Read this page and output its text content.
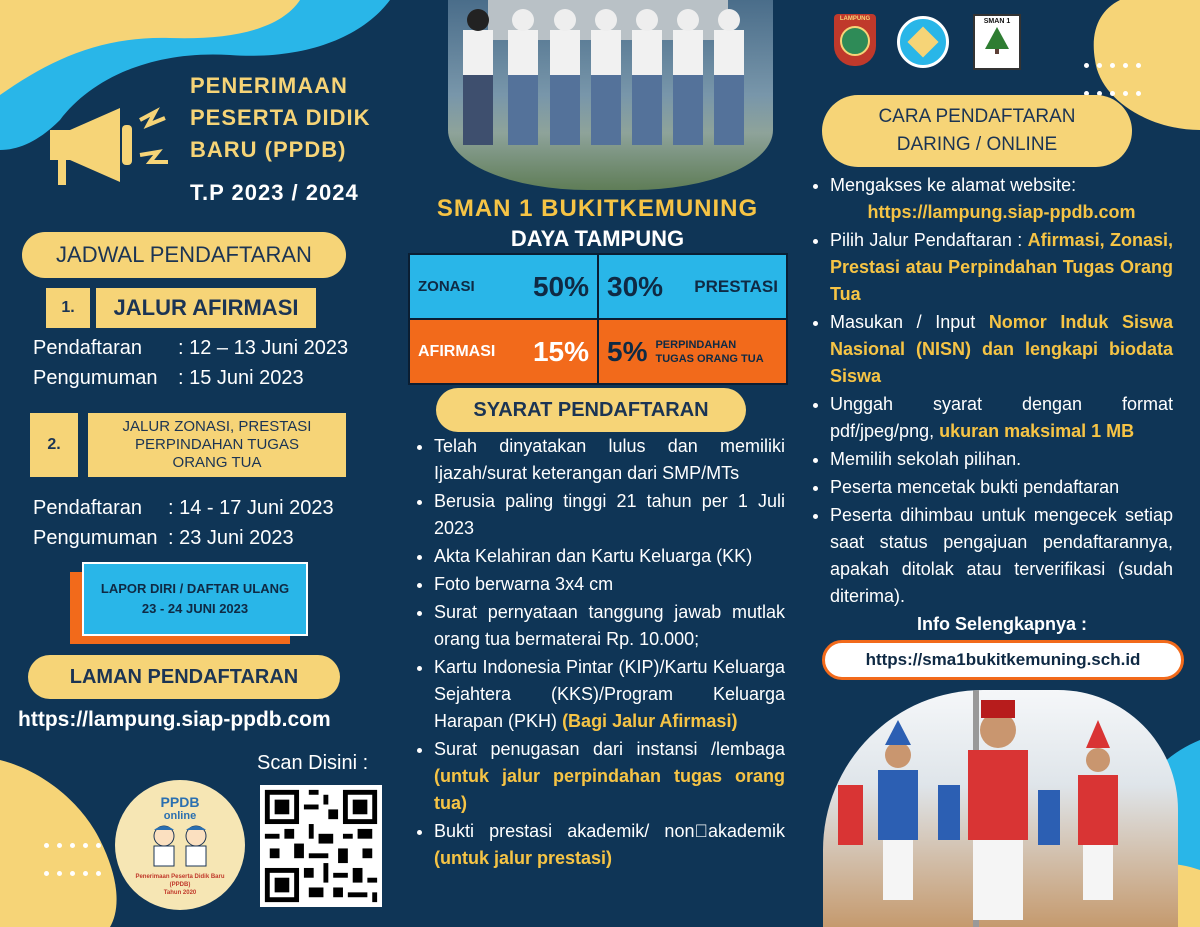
PENERIMAAN
PESERTA DIDIK
BARU (PPDB)
T.P 2023 / 2024
JADWAL PENDAFTARAN
1.	JALUR AFIRMASI
Pendaftaran : 12 – 13 Juni 2023
Pengumuman : 15 Juni 2023
2.
JALUR ZONASI, PRESTASI
PERPINDAHAN TUGAS
ORANG TUA
Pendaftaran : 14 - 17 Juni 2023
Pengumuman : 23 Juni 2023
LAPOR DIRI / DAFTAR ULANG
23 - 24 JUNI 2023
LAMAN PENDAFTARAN
https://lampung.siap-ppdb.com
Scan Disini :
PPDB
online
Penerimaan Peserta Didik Baru
(PPDB)
Tahun 2020
SMAN 1 BUKITKEMUNING
DAYA TAMPUNG
ZONASI 50% 30% PRESTASI
AFIRMASI 15% 5% PERPINDAHAN
TUGAS ORANG TUA
SYARAT PENDAFTARAN
• Telah dinyatakan lulus dan memiliki Ijazah/surat keterangan dari SMP/MTs
• Berusia paling tinggi 21 tahun per 1 Juli 2023
• Akta Kelahiran dan Kartu Keluarga (KK)
• Foto berwarna 3x4 cm
• Surat pernyataan tanggung jawab mutlak orang tua bermaterai Rp. 10.000;
• Kartu Indonesia Pintar (KIP)/Kartu Keluarga Sejahtera (KKS)/Program Keluarga Harapan (PKH) (Bagi Jalur Afirmasi)
• Surat penugasan dari instansi /lembaga (untuk jalur perpindahan tugas orang tua)
• Bukti prestasi akademik/ non akademik (untuk jalur prestasi)
LAMPUNG	SMAN 1
CARA PENDAFTARAN
DARING / ONLINE
• Mengakses ke alamat website:
https://lampung.siap-ppdb.com
• Pilih Jalur Pendaftaran : Afirmasi, Zonasi, Prestasi atau Perpindahan Tugas Orang Tua
• Masukan / Input Nomor Induk Siswa Nasional (NISN) dan lengkapi biodata Siswa
• Unggah syarat dengan format pdf/jpeg/png, ukuran maksimal 1 MB
• Memilih sekolah pilihan.
• Peserta mencetak bukti pendaftaran
• Peserta dihimbau untuk mengecek setiap saat status pengajuan pendaftarannya, apakah ditolak atau terverifikasi (sudah diterima).
Info Selengkapnya :
https://sma1bukitkemuning.sch.id
